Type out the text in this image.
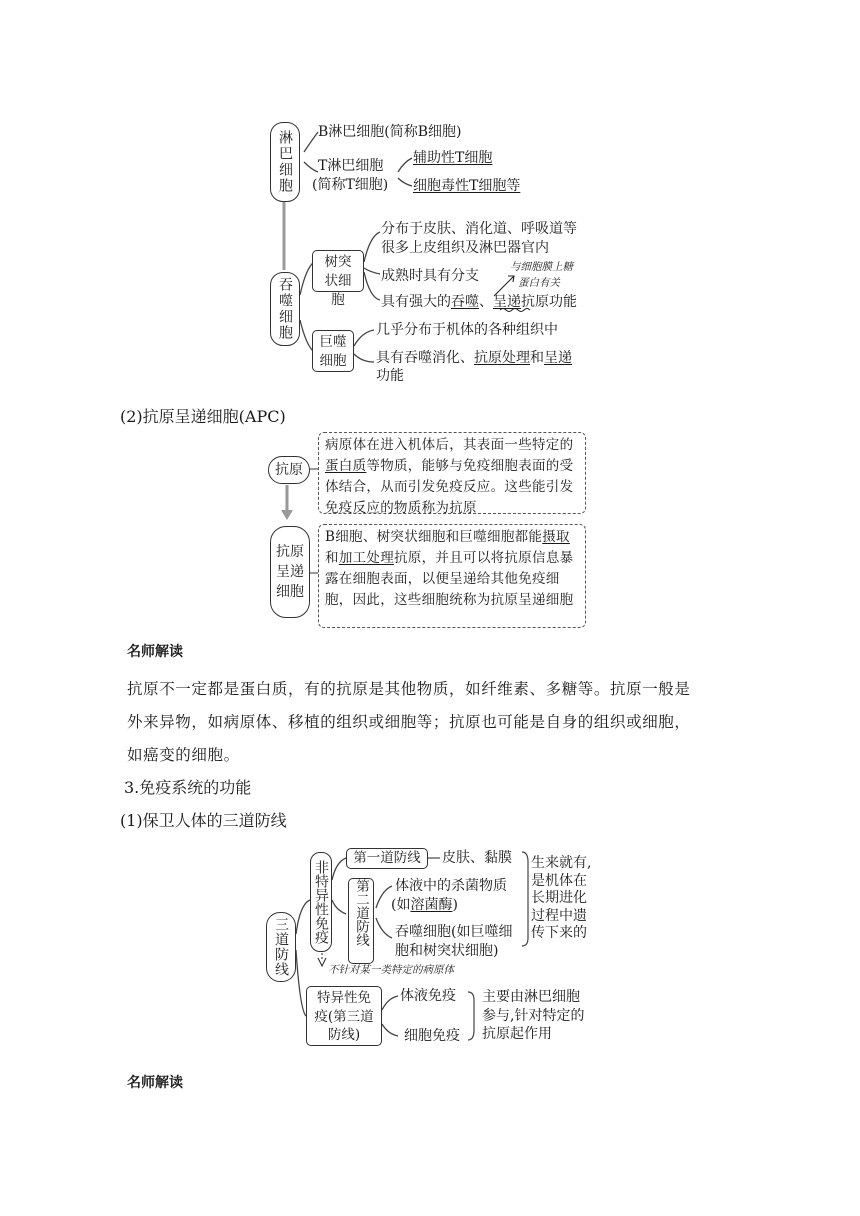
淋巴细胞 B淋巴细胞(简称B细胞)
T淋巴细胞
(简称T细胞)
辅助性T细胞
细胞毒性T细胞等
吞噬细胞
树突状细胞
分布于皮肤、消化道、呼吸道等
很多上皮组织及淋巴器官内
成熟时具有分支
具有强大的吞噬、呈递抗原功能
与细胞膜上糖
蛋白有关
巨噬细胞
几乎分布于机体的各种组织中
具有吞噬消化、抗原处理和呈递
功能
(2)抗原呈递细胞(APC)
抗原
病原体在进入机体后，其表面一些特定的蛋白质等物质，能够与免疫细胞表面的受体结合，从而引发免疫反应。这些能引发免疫反应的物质称为抗原
抗原呈递细胞
B细胞、树突状细胞和巨噬细胞都能摄取和加工处理抗原，并且可以将抗原信息暴露在细胞表面，以便呈递给其他免疫细胞，因此，这些细胞统称为抗原呈递细胞
名师解读
抗原不一定都是蛋白质，有的抗原是其他物质，如纤维素、多糖等。抗原一般是
外来异物，如病原体、移植的组织或细胞等；抗原也可能是自身的组织或细胞，
如癌变的细胞。
3.免疫系统的功能
(1)保卫人体的三道防线
三道防线
非特异性免疫
第一道防线	皮肤、黏膜
第二道防线	体液中的杀菌物质
(如溶菌酶)
吞噬细胞(如巨噬细
胞和树突状细胞)
生来就有,
是机体在
长期进化
过程中遗
传下来的
不针对某一类特定的病原体
特异性免
疫(第三道
防线)
体液免疫
细胞免疫
主要由淋巴细胞
参与,针对特定的
抗原起作用
名师解读
